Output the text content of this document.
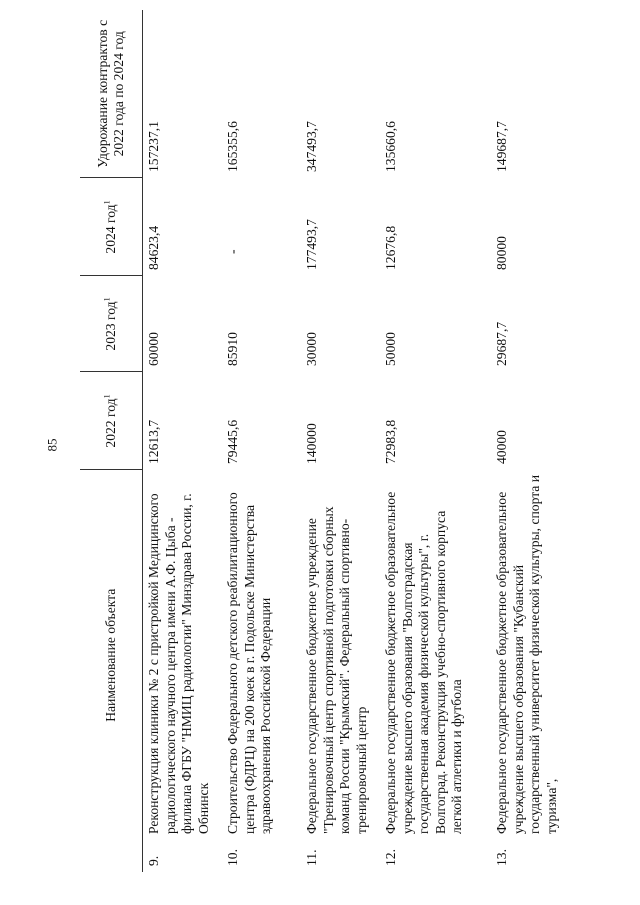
85
	Наименование объекта	2022 год$^1$	2023 год$^1$	2024 год$^1$	Удорожание контрактов с 2022 года по 2024 год
9.	Реконструкция клиники № 2 с пристройкой Медицинского радиологического научного центра имени А.Ф. Цыба - филиала ФГБУ "НМИЦ радиологии" Минздрава России, г. Обнинск	12613,7	60000	84623,4	157237,1
10.	Строительство Федерального детского реабилитационного центра (ФДРЦ) на 200 коек в г. Подольске Министерства здравоохранения Российской Федерации	79445,6	85910	-	165355,6
11.	Федеральное государственное бюджетное учреждение "Тренировочный центр спортивной подготовки сборных команд России "Крымский". Федеральный спортивно-тренировочный центр	140000	30000	177493,7	347493,7
12.	Федеральное государственное бюджетное образовательное учреждение высшего образования "Волгоградская государственная академия физической культуры", г. Волгоград. Реконструкция учебно-спортивного корпуса легкой атлетики и футбола	72983,8	50000	12676,8	135660,6
13.	Федеральное государственное бюджетное образовательное учреждение высшего образования "Кубанский государственный университет физической культуры, спорта и туризма",	40000	29687,7	80000	149687,7
